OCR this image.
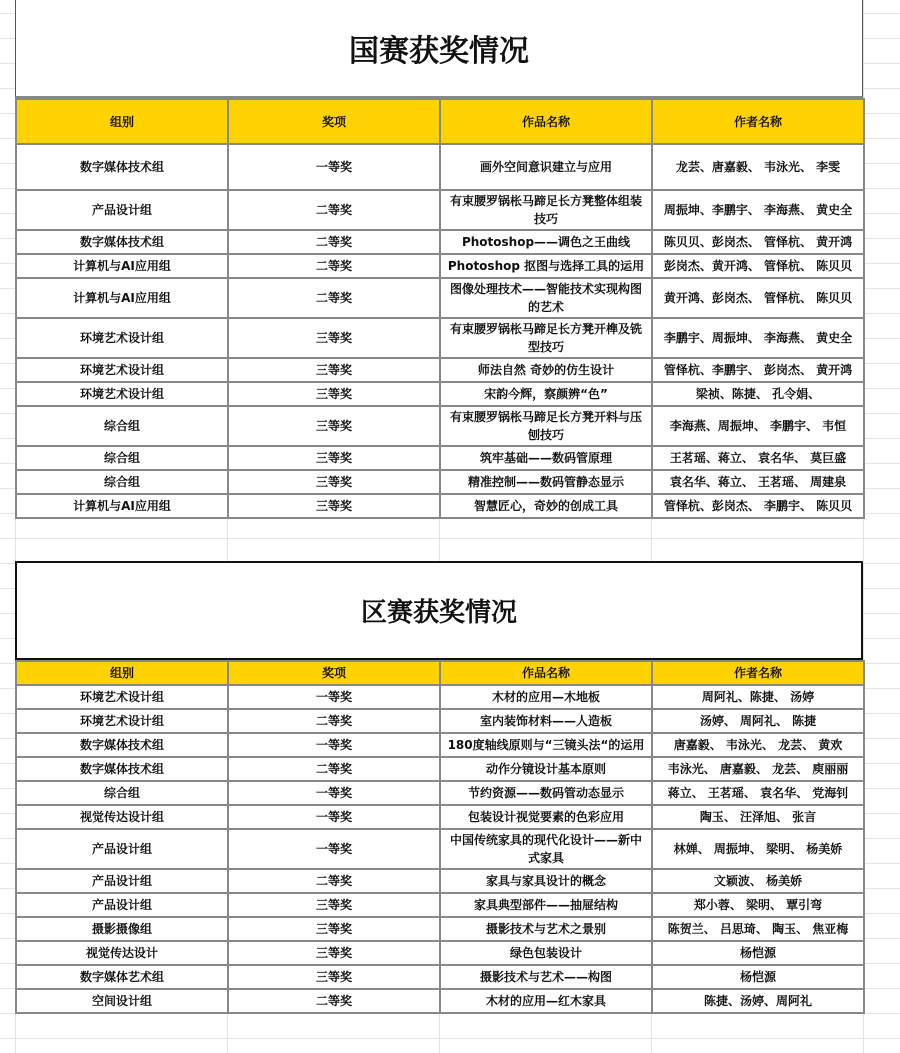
国赛获奖情况
组别	奖项	作品名称	作者名称
数字媒体技术组	一等奖	画外空间意识建立与应用	龙芸、唐嘉毅、 韦泳光、 李雯
产品设计组	二等奖	有束腰罗锅枨马蹄足长方凳整体组装技巧	周振坤、李鹏宇、 李海燕、 黄史全
数字媒体技术组	二等奖	Photoshop——调色之王曲线	陈贝贝、彭岗杰、 管怿杭、 黄开鸿
计算机与AI应用组	二等奖	Photoshop 抠图与选择工具的运用	彭岗杰、黄开鸿、 管怿杭、 陈贝贝
计算机与AI应用组	二等奖	图像处理技术——智能技术实现构图的艺术	黄开鸿、彭岗杰、 管怿杭、 陈贝贝
环境艺术设计组	三等奖	有束腰罗锅枨马蹄足长方凳开榫及铣型技巧	李鹏宇、周振坤、 李海燕、 黄史全
环境艺术设计组	三等奖	师法自然 奇妙的仿生设计	管怿杭、李鹏宇、 彭岗杰、 黄开鸿
环境艺术设计组	三等奖	宋韵今辉，察颜辨“色”	梁祯、陈捷、 孔令娟、
综合组	三等奖	有束腰罗锅枨马蹄足长方凳开料与压刨技巧	李海燕、周振坤、 李鹏宇、 韦恒
综合组	三等奖	筑牢基础——数码管原理	王茗瑶、蒋立、 袁名华、 莫巨盛
综合组	三等奖	精准控制——数码管静态显示	袁名华、蒋立、 王茗瑶、 周建泉
计算机与AI应用组	三等奖	智慧匠心，奇妙的创成工具	管怿杭、彭岗杰、 李鹏宇、 陈贝贝
区赛获奖情况
组别	奖项	作品名称	作者名称
环境艺术设计组	一等奖	木材的应用—木地板	周阿礼、陈捷、 汤婷
环境艺术设计组	二等奖	室内装饰材料——人造板	汤婷、 周阿礼、 陈捷
数字媒体技术组	一等奖	180度轴线原则与“三镜头法“的运用	唐嘉毅、 韦泳光、 龙芸、 黄欢
数字媒体技术组	二等奖	动作分镜设计基本原则	韦泳光、 唐嘉毅、 龙芸、 庾丽丽
综合组	一等奖	节约资源——数码管动态显示	蒋立、 王茗瑶、 袁名华、 党海钊
视觉传达设计组	一等奖	包装设计视觉要素的色彩应用	陶玉、 汪泽旭、 张言
产品设计组	一等奖	中国传统家具的现代化设计——新中式家具	林婵、 周振坤、 梁明、 杨美娇
产品设计组	二等奖	家具与家具设计的概念	文颖波、 杨美娇
产品设计组	三等奖	家具典型部件——抽屉结构	郑小蓉、 梁明、 覃引弯
摄影摄像组	三等奖	摄影技术与艺术之景别	陈贺兰、 吕思琦、 陶玉、 焦亚梅
视觉传达设计	三等奖	绿色包装设计	杨恺源
数字媒体艺术组	三等奖	摄影技术与艺术——构图	杨恺源
空间设计组	二等奖	木材的应用—红木家具	陈捷、汤婷、周阿礼
